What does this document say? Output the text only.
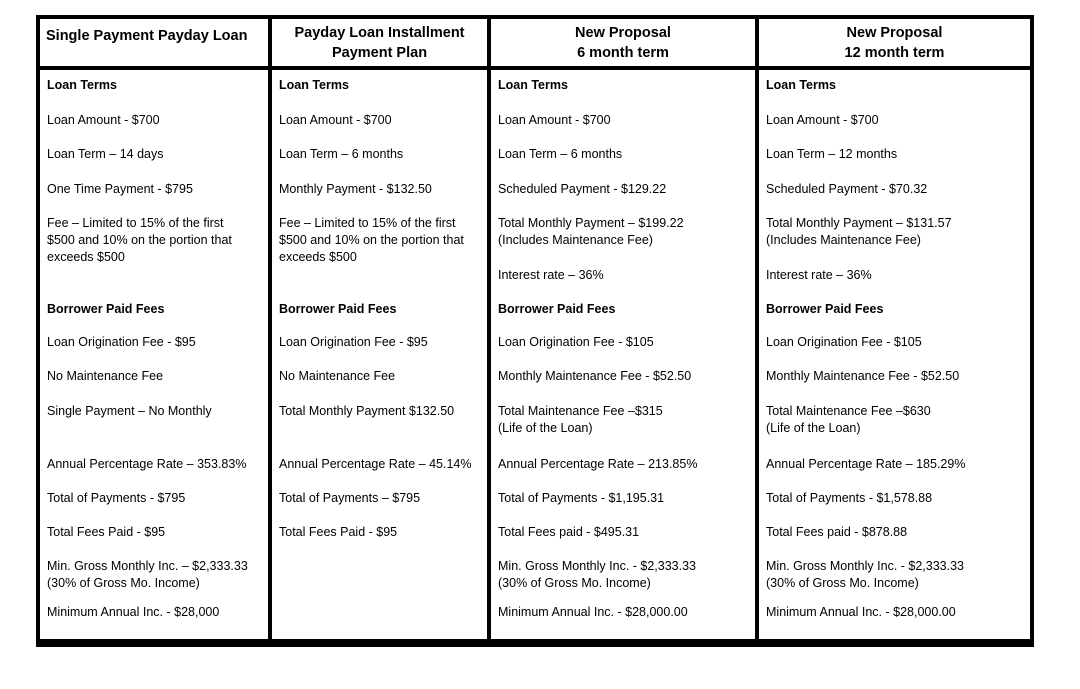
Single Payment Payday Loan	Payday Loan Installment
Payment Plan
New Proposal
6 month term
New Proposal
12 month term
Loan Terms
Loan Amount - $700
Loan Term – 14 days
One Time Payment - $795
Fee – Limited to 15% of the first
$500 and 10% on the portion that
exceeds $500
Borrower Paid Fees
Loan Origination Fee - $95
No Maintenance Fee
Single Payment – No Monthly
Annual Percentage Rate – 353.83%
Total of Payments - $795
Total Fees Paid - $95
Min. Gross Monthly Inc. – $2,333.33
(30% of Gross Mo. Income)
Minimum Annual Inc. - $28,000
Loan Terms
Loan Amount - $700
Loan Term – 6 months
Monthly Payment - $132.50
Fee – Limited to 15% of the first
$500 and 10% on the portion that
exceeds $500
Borrower Paid Fees
Loan Origination Fee - $95
No Maintenance Fee
Total Monthly Payment $132.50
Annual Percentage Rate – 45.14%
Total of Payments – $795
Total Fees Paid - $95
Loan Terms
Loan Amount - $700
Loan Term – 6 months
Scheduled Payment - $129.22
Total Monthly Payment – $199.22
(Includes Maintenance Fee)
Interest rate – 36%
Borrower Paid Fees
Loan Origination Fee - $105
Monthly Maintenance Fee - $52.50
Total Maintenance Fee –$315
(Life of the Loan)
Annual Percentage Rate – 213.85%
Total of Payments - $1,195.31
Total Fees paid - $495.31
Min. Gross Monthly Inc. - $2,333.33
(30% of Gross Mo. Income)
Minimum Annual Inc. - $28,000.00
Loan Terms
Loan Amount - $700
Loan Term – 12 months
Scheduled Payment - $70.32
Total Monthly Payment – $131.57
(Includes Maintenance Fee)
Interest rate – 36%
Borrower Paid Fees
Loan Origination Fee - $105
Monthly Maintenance Fee - $52.50
Total Maintenance Fee –$630
(Life of the Loan)
Annual Percentage Rate – 185.29%
Total of Payments - $1,578.88
Total Fees paid - $878.88
Min. Gross Monthly Inc. - $2,333.33
(30% of Gross Mo. Income)
Minimum Annual Inc. - $28,000.00
